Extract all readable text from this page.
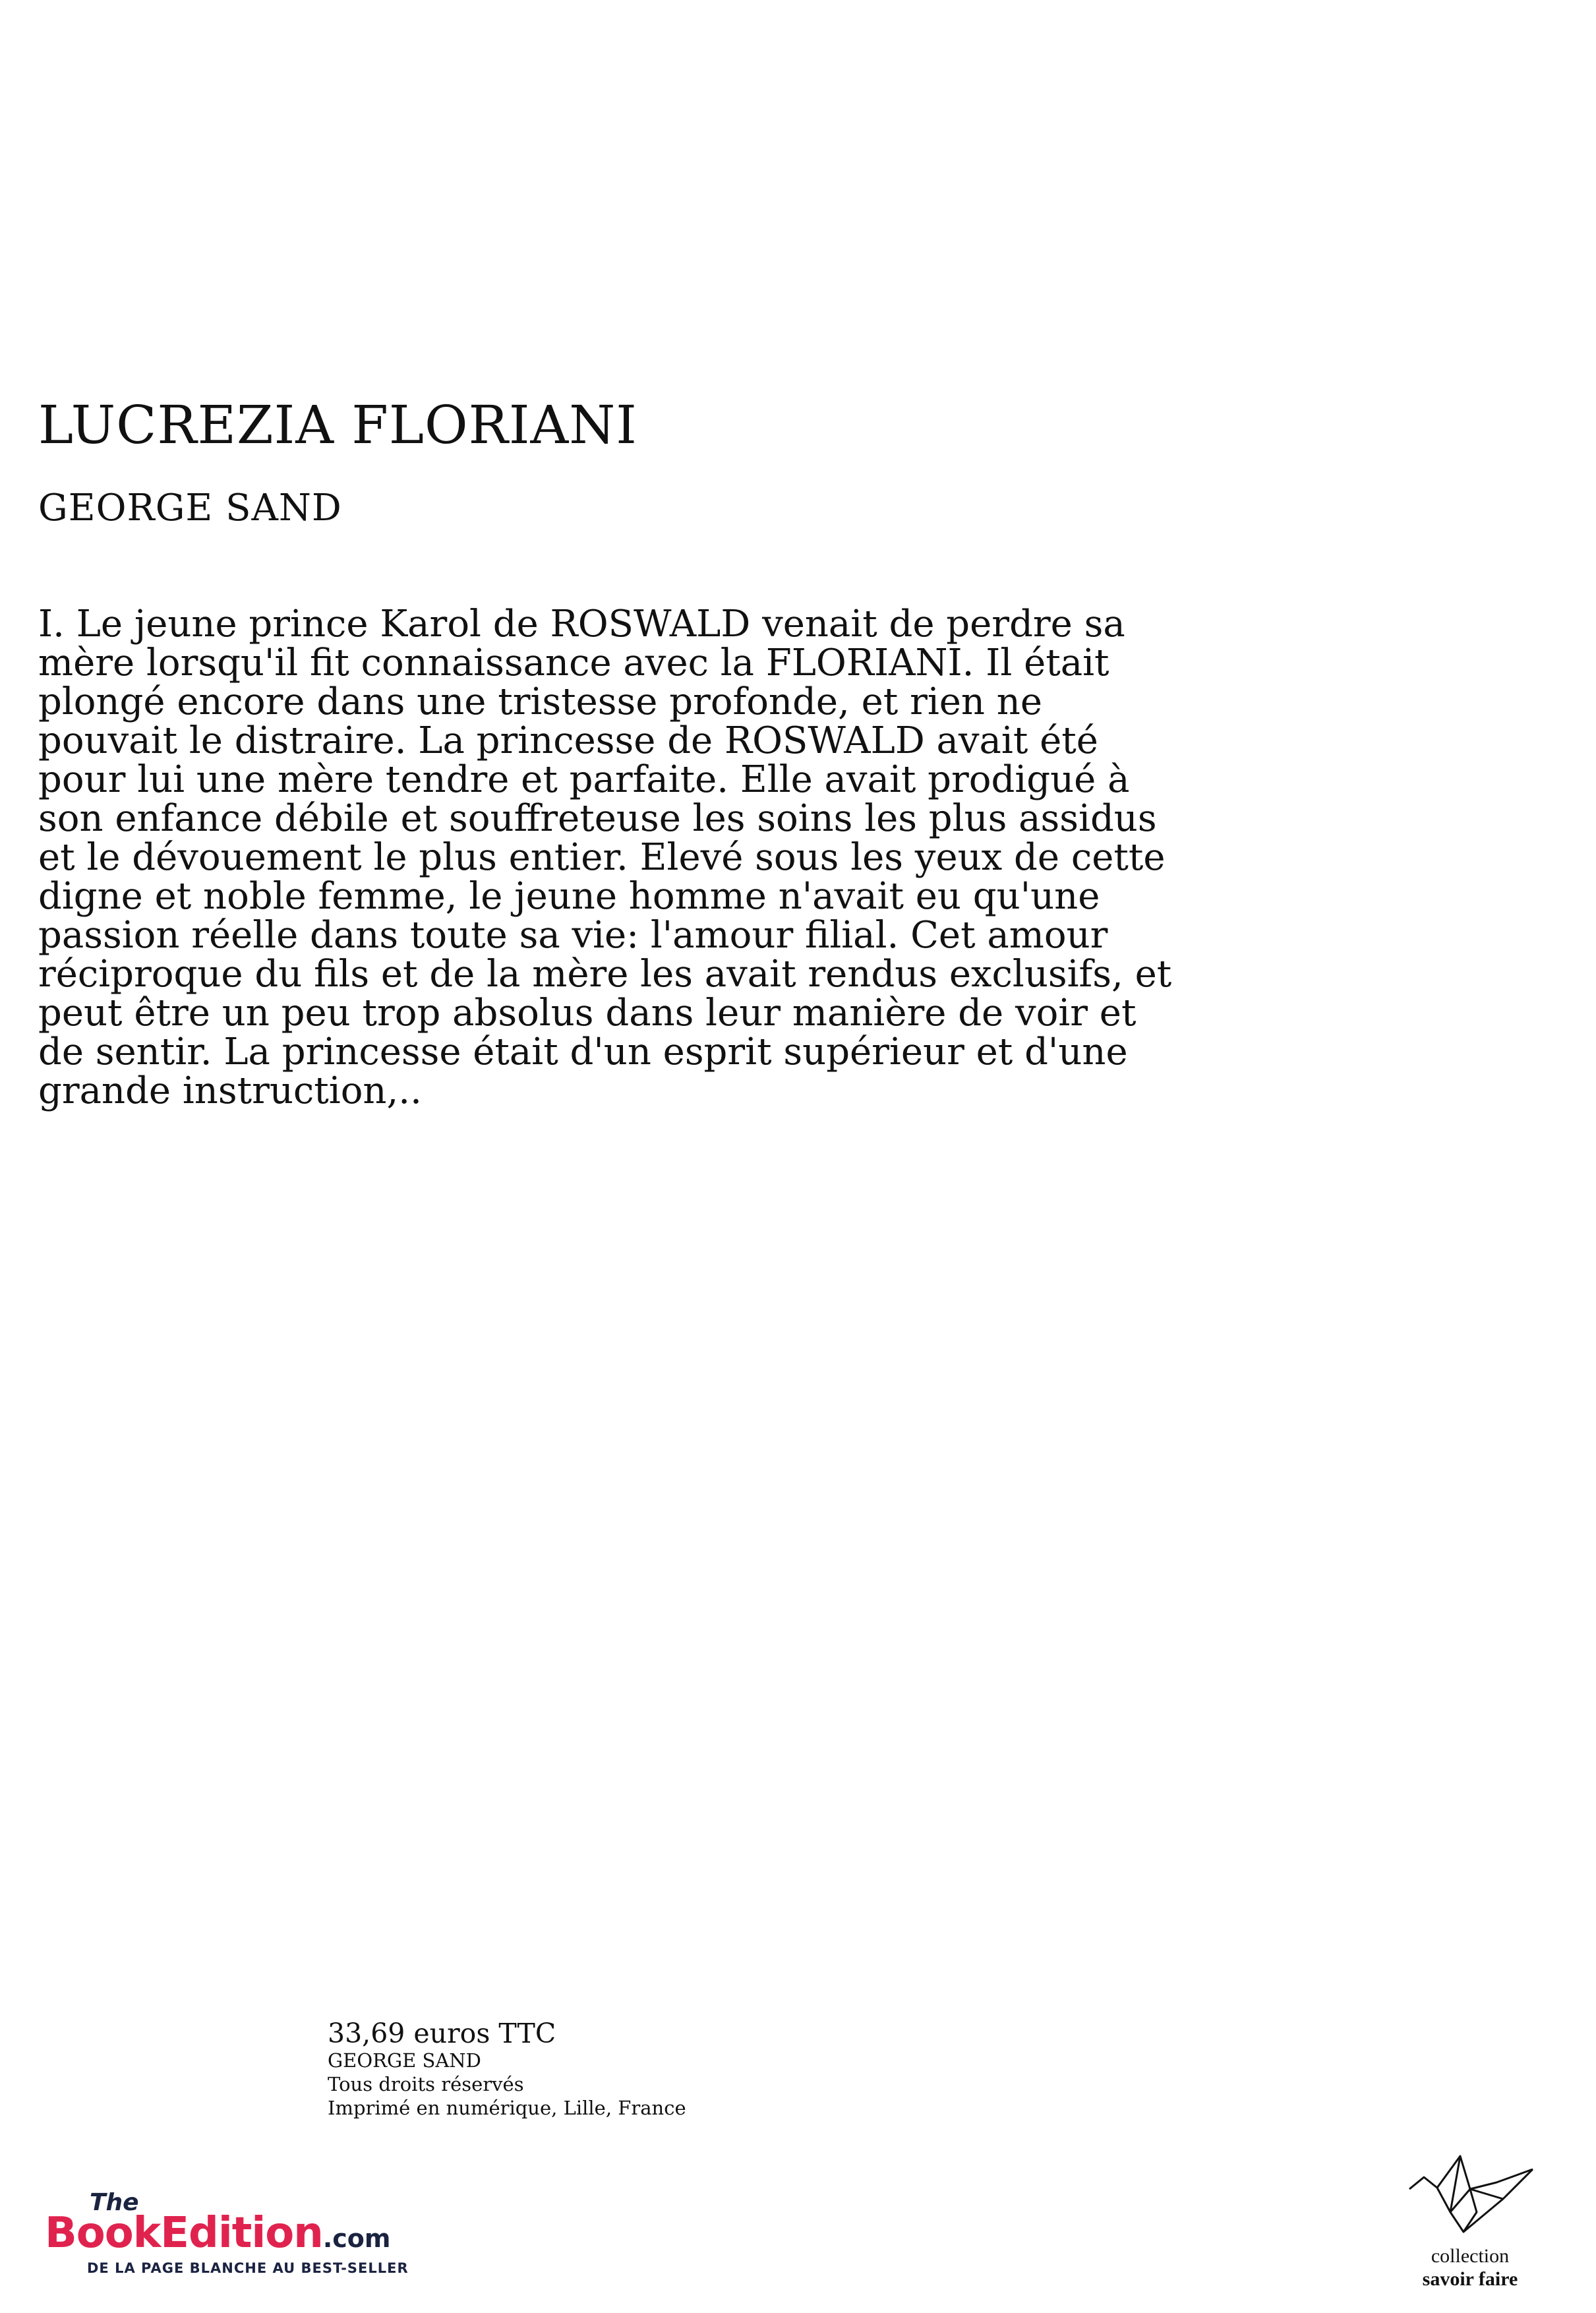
LUCREZIA FLORIANI
GEORGE SAND
I. Le jeune prince Karol de ROSWALD venait de perdre sa
mère lorsqu'il fit connaissance avec la FLORIANI. Il était
plongé encore dans une tristesse profonde, et rien ne
pouvait le distraire. La princesse de ROSWALD avait été
pour lui une mère tendre et parfaite. Elle avait prodigué à
son enfance débile et souffreteuse les soins les plus assidus
et le dévouement le plus entier. Elevé sous les yeux de cette
digne et noble femme, le jeune homme n'avait eu qu'une
passion réelle dans toute sa vie: l'amour filial. Cet amour
réciproque du fils et de la mère les avait rendus exclusifs, et
peut être un peu trop absolus dans leur manière de voir et
de sentir. La princesse était d'un esprit supérieur et d'une
grande instruction,..
33,69 euros TTC
GEORGE SAND
Tous droits réservés
Imprimé en numérique, Lille, France
The
BookEdition.com
DE LA PAGE BLANCHE AU BEST-SELLER
collection
savoir faire
